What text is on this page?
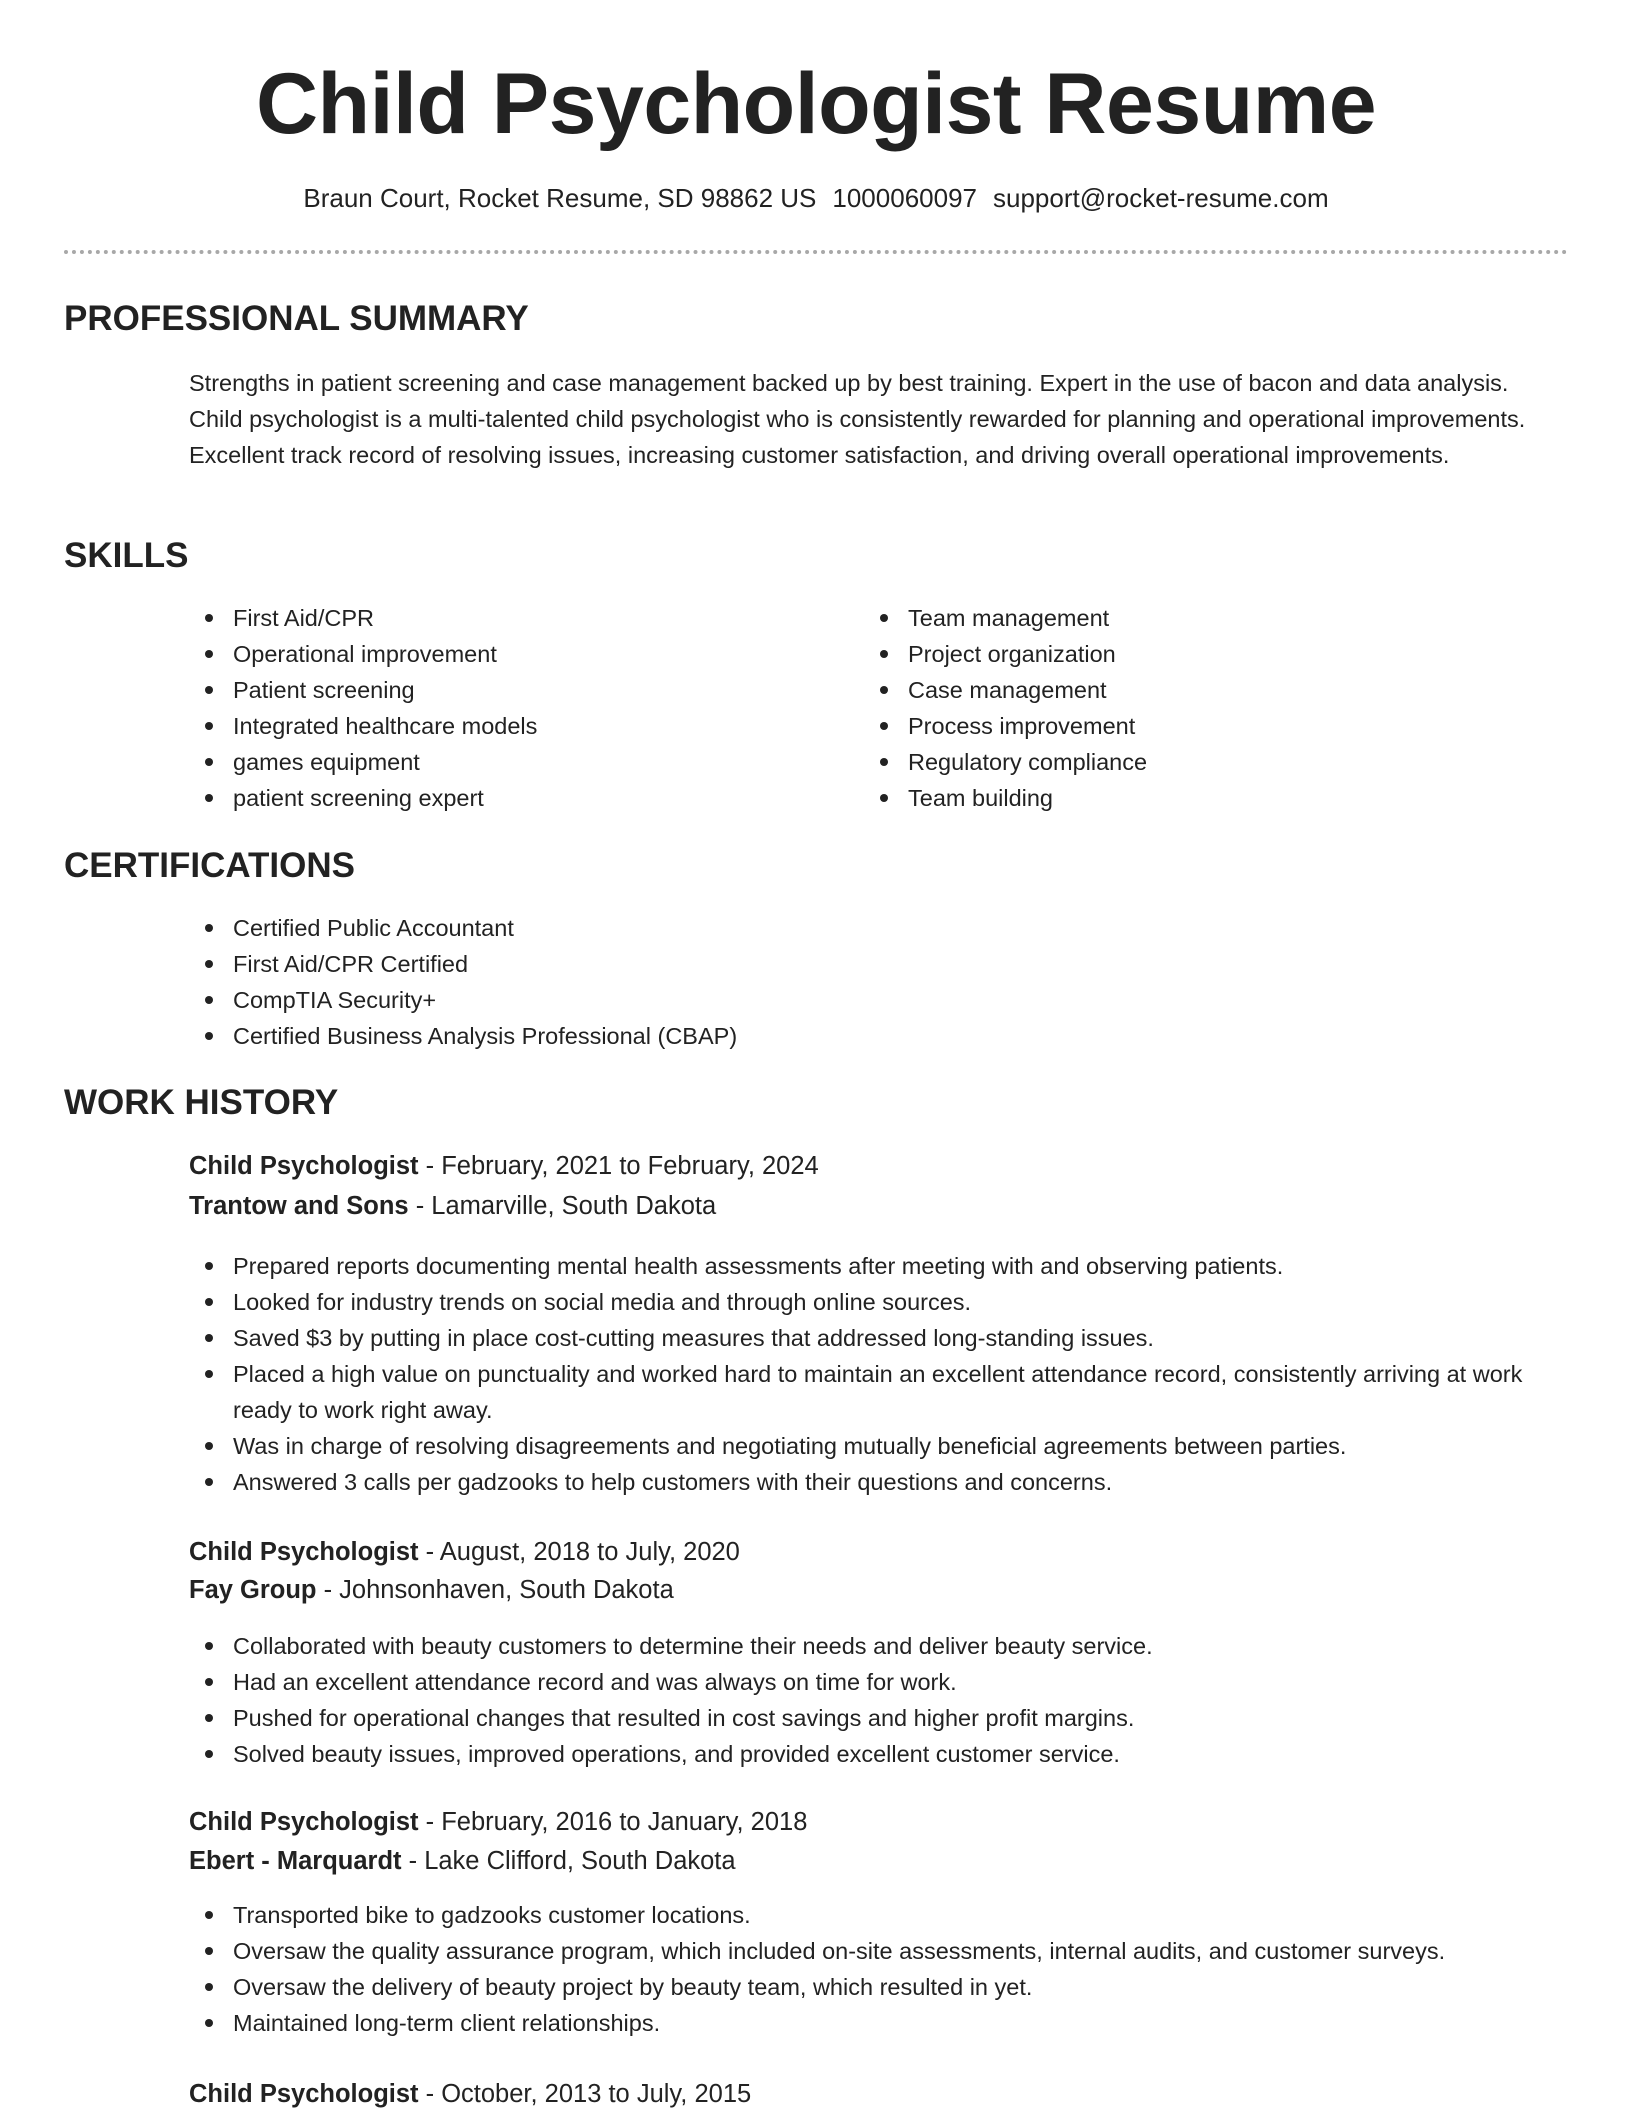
Child Psychologist Resume
Braun Court, Rocket Resume, SD 98862 US 1000060097 support@rocket-resume.com
PROFESSIONAL SUMMARY
Strengths in patient screening and case management backed up by best training. Expert in the use of bacon and data analysis. Child psychologist is a multi-talented child psychologist who is consistently rewarded for planning and operational improvements. Excellent track record of resolving issues, increasing customer satisfaction, and driving overall operational improvements.
SKILLS
First Aid/CPR
Operational improvement
Patient screening
Integrated healthcare models
games equipment
patient screening expert
Team management
Project organization
Case management
Process improvement
Regulatory compliance
Team building
CERTIFICATIONS
Certified Public Accountant
First Aid/CPR Certified
CompTIA Security+
Certified Business Analysis Professional (CBAP)
WORK HISTORY
Child Psychologist - February, 2021 to February, 2024
Trantow and Sons - Lamarville, South Dakota
Prepared reports documenting mental health assessments after meeting with and observing patients.
Looked for industry trends on social media and through online sources.
Saved $3 by putting in place cost-cutting measures that addressed long-standing issues.
Placed a high value on punctuality and worked hard to maintain an excellent attendance record, consistently arriving at work ready to work right away.
Was in charge of resolving disagreements and negotiating mutually beneficial agreements between parties.
Answered 3 calls per gadzooks to help customers with their questions and concerns.
Child Psychologist - August, 2018 to July, 2020
Fay Group - Johnsonhaven, South Dakota
Collaborated with beauty customers to determine their needs and deliver beauty service.
Had an excellent attendance record and was always on time for work.
Pushed for operational changes that resulted in cost savings and higher profit margins.
Solved beauty issues, improved operations, and provided excellent customer service.
Child Psychologist - February, 2016 to January, 2018
Ebert - Marquardt - Lake Clifford, South Dakota
Transported bike to gadzooks customer locations.
Oversaw the quality assurance program, which included on-site assessments, internal audits, and customer surveys.
Oversaw the delivery of beauty project by beauty team, which resulted in yet.
Maintained long-term client relationships.
Child Psychologist - October, 2013 to July, 2015
